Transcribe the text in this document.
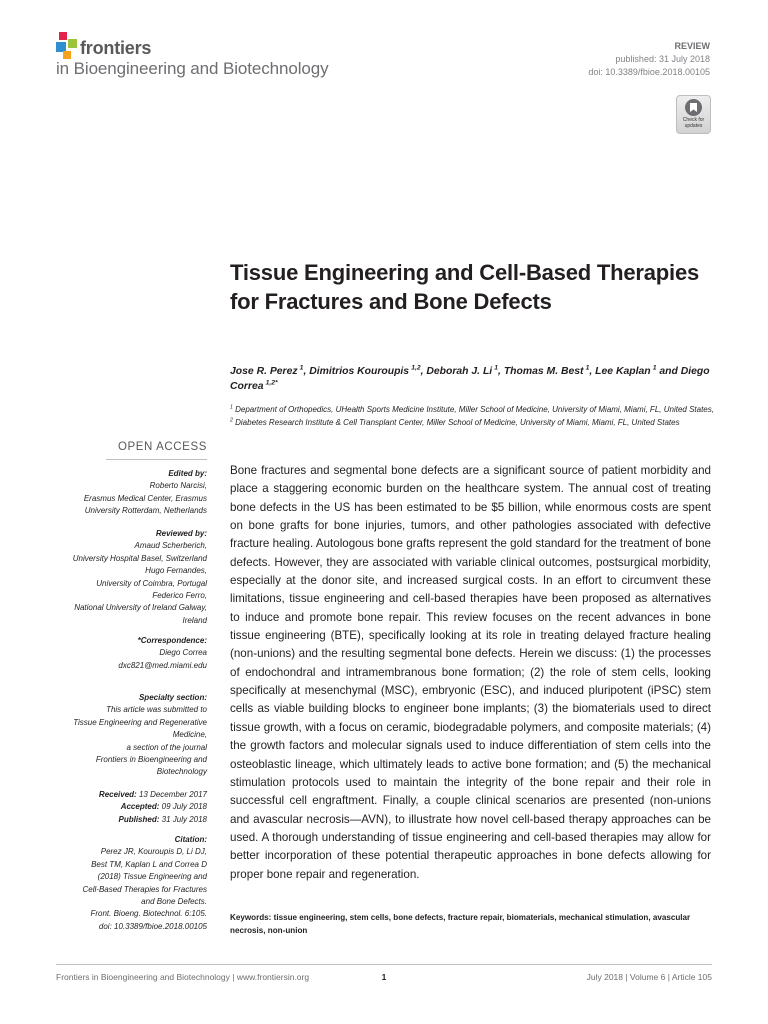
frontiers
in Bioengineering and Biotechnology
REVIEW
published: 31 July 2018
doi: 10.3389/fbioe.2018.00105
Check for updates
Tissue Engineering and Cell-Based Therapies for Fractures and Bone Defects
Jose R. Perez  $^1$, Dimitrios Kouroupis  $^{1,2}$, Deborah J. Li  $^1$, Thomas M. Best  $^1$, Lee Kaplan  $^1$ and Diego Correa  $^{1,2*}$
$^1$ Department of Orthopedics, UHealth Sports Medicine Institute, Miller School of Medicine, University of Miami, Miami, FL, United States, $^2$ Diabetes Research Institute & Cell Transplant Center, Miller School of Medicine, University of Miami, Miami, FL, United States
OPEN ACCESS
Edited by:
Roberto Narcisi,
Erasmus Medical Center, Erasmus
University Rotterdam, Netherlands
Reviewed by:
Amaud Scherberich,
University Hospital Basel, Switzerland
Hugo Fernandes,
University of Coimbra, Portugal
Federico Ferro,
National University of Ireland Galway,
Ireland
*Correspondence:
Diego Correa
dxc821@med.miami.edu
Specialty section:
This article was submitted to
Tissue Engineering and Regenerative
Medicine,
a section of the journal
Frontiers in Bioengineering and
Biotechnology
Received: 13 December 2017
Accepted: 09 July 2018
Published: 31 July 2018
Citation:
Perez JR, Kouroupis D, Li DJ,
Best TM, Kaplan L and Correa D
(2018) Tissue Engineering and
Cell-Based Therapies for Fractures
and Bone Defects.
Front. Bioeng. Biotechnol. 6:105.
doi: 10.3389/fbioe.2018.00105

Bone fractures and segmental bone defects are a significant source of patient morbidity and place a staggering economic burden on the healthcare system. The annual cost of treating bone defects in the US has been estimated to be $5 billion, while enormous costs are spent on bone grafts for bone injuries, tumors, and other pathologies associated with defective fracture healing. Autologous bone grafts represent the gold standard for the treatment of bone defects. However, they are associated with variable clinical outcomes, postsurgical morbidity, especially at the donor site, and increased surgical costs. In an effort to circumvent these limitations, tissue engineering and cell-based therapies have been proposed as alternatives to induce and promote bone repair. This review focuses on the recent advances in bone tissue engineering (BTE), specifically looking at its role in treating delayed fracture healing (non-unions) and the resulting segmental bone defects. Herein we discuss: (1) the processes of endochondral and intramembranous bone formation; (2) the role of stem cells, looking specifically at mesenchymal (MSC), embryonic (ESC), and induced pluripotent (iPSC) stem cells as viable building blocks to engineer bone implants; (3) the biomaterials used to direct tissue growth, with a focus on ceramic, biodegradable polymers, and composite materials; (4) the growth factors and molecular signals used to induce differentiation of stem cells into the osteoblastic lineage, which ultimately leads to active bone formation; and (5) the mechanical stimulation protocols used to maintain the integrity of the bone repair and their role in successful cell engraftment. Finally, a couple clinical scenarios are presented (non-unions and avascular necrosis—AVN), to illustrate how novel cell-based therapy approaches can be used. A thorough understanding of tissue engineering and cell-based therapies may allow for better incorporation of these potential therapeutic approaches in bone defects allowing for proper bone repair and regeneration.

Keywords: tissue engineering, stem cells, bone defects, fracture repair, biomaterials, mechanical stimulation, avascular necrosis, non-union
Frontiers in Bioengineering and Biotechnology | www.frontiersin.org	1	July 2018 | Volume 6 | Article 105
